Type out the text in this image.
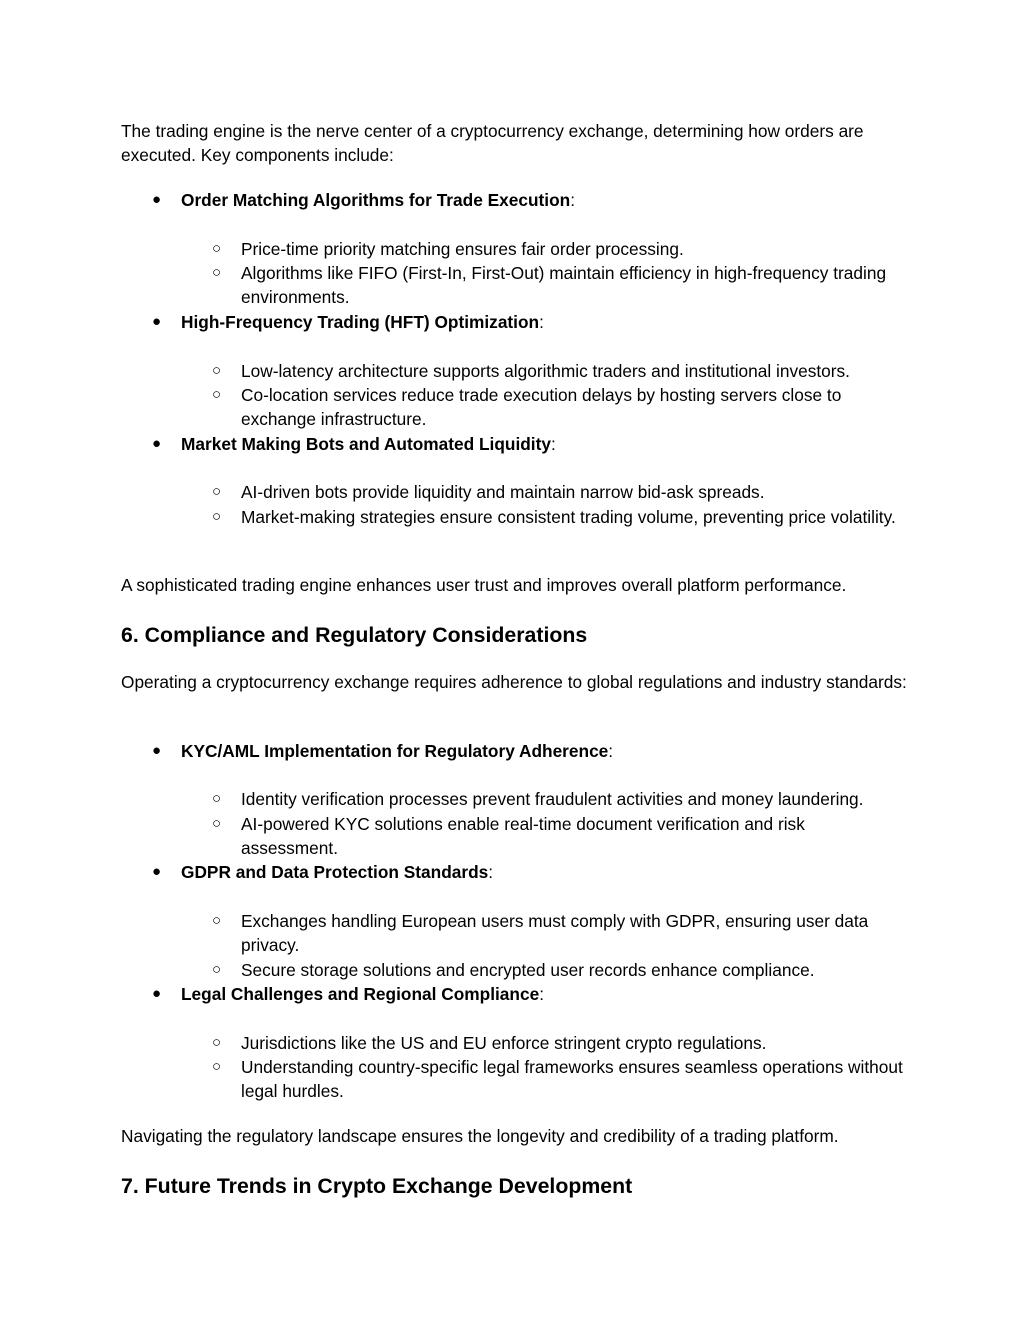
The trading engine is the nerve center of a cryptocurrency exchange, determining how orders are executed. Key components include:

●	Order Matching Algorithms for Trade Execution:
○	Price-time priority matching ensures fair order processing.
○	Algorithms like FIFO (First-In, First-Out) maintain efficiency in high-frequency trading environments.
●	High-Frequency Trading (HFT) Optimization:
○	Low-latency architecture supports algorithmic traders and institutional investors.
○	Co-location services reduce trade execution delays by hosting servers close to exchange infrastructure.
●	Market Making Bots and Automated Liquidity:
○	AI-driven bots provide liquidity and maintain narrow bid-ask spreads.
○	Market-making strategies ensure consistent trading volume, preventing price volatility.

A sophisticated trading engine enhances user trust and improves overall platform performance.

6. Compliance and Regulatory Considerations

Operating a cryptocurrency exchange requires adherence to global regulations and industry standards:

●	KYC/AML Implementation for Regulatory Adherence:
○	Identity verification processes prevent fraudulent activities and money laundering.
○	AI-powered KYC solutions enable real-time document verification and risk assessment.
●	GDPR and Data Protection Standards:
○	Exchanges handling European users must comply with GDPR, ensuring user data privacy.
○	Secure storage solutions and encrypted user records enhance compliance.
●	Legal Challenges and Regional Compliance:
○	Jurisdictions like the US and EU enforce stringent crypto regulations.
○	Understanding country-specific legal frameworks ensures seamless operations without legal hurdles.

Navigating the regulatory landscape ensures the longevity and credibility of a trading platform.

7. Future Trends in Crypto Exchange Development
